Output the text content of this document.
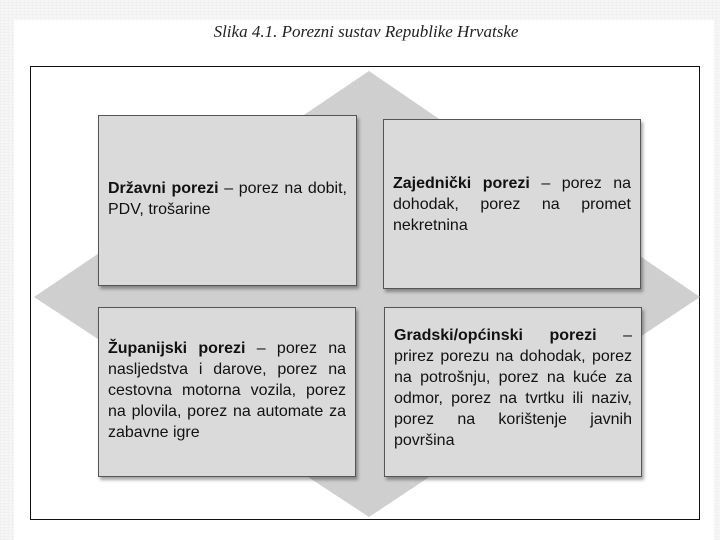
Slika 4.1. Porezni sustav Republike Hrvatske
Državni porezi – porez na dobit, PDV, trošarine
Zajednički porezi – porez na dohodak, porez na promet nekretnina
Županijski porezi – porez na nasljedstva i darove, porez na cestovna motorna vozila, porez na plovila, porez na automate za zabavne igre
Gradski/općinski porezi – prirez porezu na dohodak, porez na potrošnju, porez na kuće za odmor, porez na tvrtku ili naziv, porez na korištenje javnih površina
